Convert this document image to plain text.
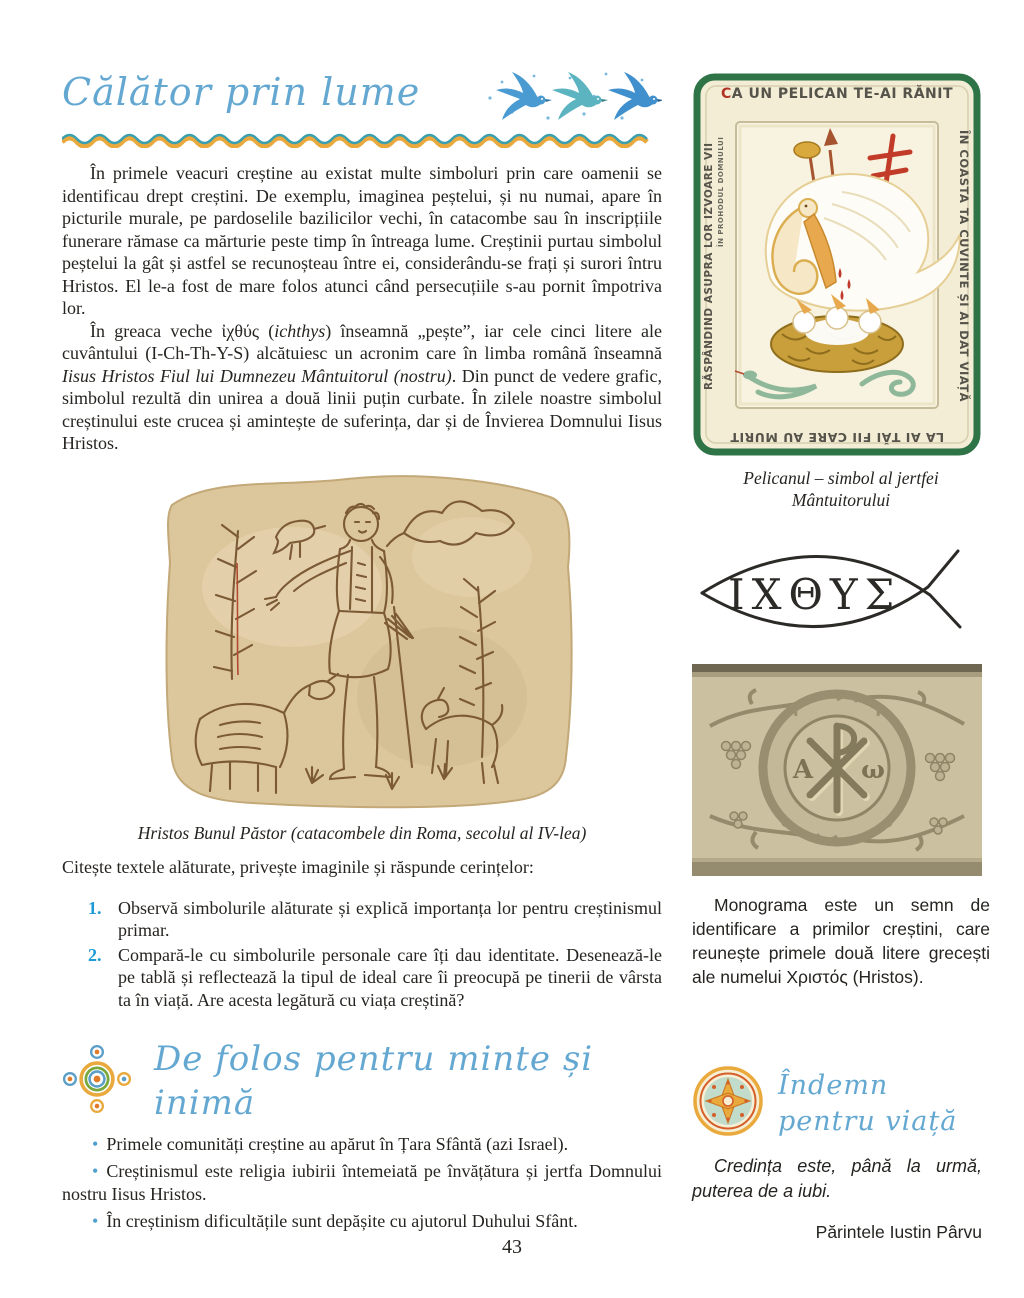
Călător prin lume

În primele veacuri creștine au existat multe simboluri prin care oamenii se identificau drept creștini. De exemplu, imaginea peștelui, și nu numai, apare în picturile murale, pe pardoselile bazilicilor vechi, în catacombe sau în inscripțiile funerare rămase ca mărturie peste timp în întreaga lume. Creștinii purtau simbolul peștelui la gât și astfel se recunoșteau între ei, considerându-se frați și surori întru Hristos. El le-a fost de mare folos atunci când persecuțiile s-au pornit împotriva lor.

În greaca veche ἰχθύς (ichthys) înseamnă „pește”, iar cele cinci litere ale cuvântului (I-Ch-Th-Y-S) alcătuiesc un acronim care în limba română înseamnă Iisus Hristos Fiul lui Dumnezeu Mântuitorul (nostru). Din punct de vedere grafic, simbolul rezultă din unirea a două linii puțin curbate. În zilele noastre simbolul creștinului este crucea și amintește de suferința, dar și de Învierea Domnului Iisus Hristos.

Hristos Bunul Păstor (catacombele din Roma, secolul al IV-lea)

Citește textele alăturate, privește imaginile și răspunde cerințelor:

1. Observă simbolurile alăturate și explică importanța lor pentru creștinismul primar.
2. Compară-le cu simbolurile personale care îți dau identitate. Desenează-le pe tablă și reflectează la tipul de ideal care îi preocupă pe tinerii de vârsta ta în viață. Are acesta legătură cu viața creștină?
De folos pentru minte și inimă

• Primele comunități creștine au apărut în Țara Sfântă (azi Israel).

• Creștinismul este religia iubirii întemeiată pe învățătura și jertfa Domnului nostru Iisus Hristos.

• În creștinism dificultățile sunt depășite cu ajutorul Duhului Sfânt.

CA UN PELICAN TE-AI RĂNIT
ÎN COASTA TA CUVINTE ȘI AI DAT VIAȚĂ
LA AI TĂI FII CARE AU MURIT
RĂSPÂNDIND ASUPRA LOR IZVOARE VII ÎN PROHODUL DOMNULUI
Pelicanul – simbol al jertfei
Mântuitorului
ΙΧΘΥΣ
A ω

Monograma este un semn de identificare a primilor creștini, care reunește primele două litere grecești ale numelui Χριστός (Hristos).

Îndemn pentru viață

Credința este, până la urmă, puterea de a iubi.

Părintele Iustin Pârvu

43
